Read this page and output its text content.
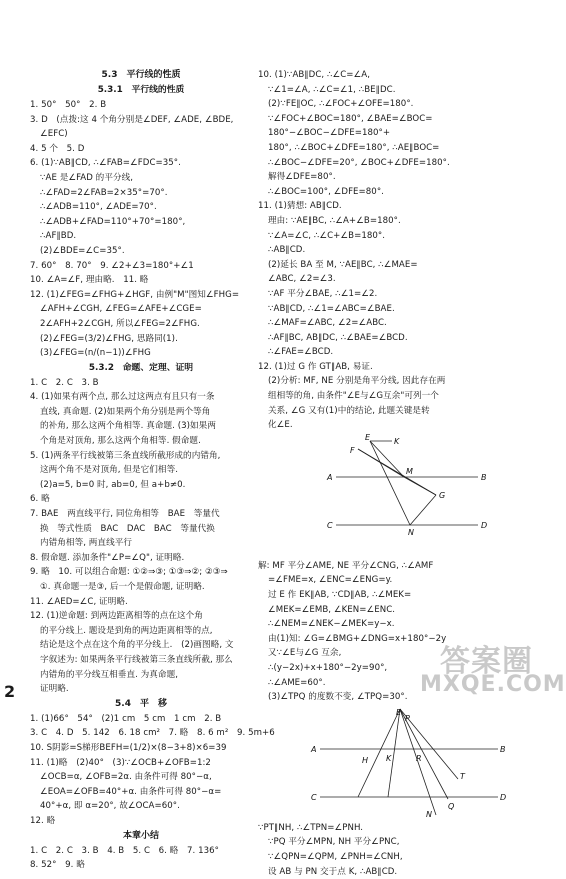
5.3　平行线的性质
5.3.1　平行线的性质
1. 50°　50°　2. B
3. D　(点拨:这 4 个角分别是∠DEF, ∠ADE, ∠BDE,
∠EFC)
4. 5 个　5. D
6. (1)∵AB∥CD, ∴∠FAB=∠FDC=35°.
∵AE 是∠FAD 的平分线,
∴∠FAD=2∠FAB=2×35°=70°.
∴∠ADB=110°, ∠ADE=70°.
∴∠ADB+∠FAD=110°+70°=180°,
∴AF∥BD.
(2)∠BDE=∠C=35°.
7. 60°　8. 70°　9. ∠2+∠3=180°+∠1
10. ∠A=∠F, 理由略.　11. 略
12. (1)∠FEG=∠FHG+∠HGF, 由例"M"图知∠FHG=
∠AFH+∠CGH, ∠FEG=∠AFE+∠CGE=
2∠AFH+2∠CGH, 所以∠FEG=2∠FHG.
(2)∠FEG=(3/2)∠FHG, 思路同(1).
(3)∠FEG=(n/(n−1))∠FHG
5.3.2　命题、定理、证明
1. C　2. C　3. B
4. (1)如果有两个点, 那么过这两点有且只有一条
直线, 真命题. (2)如果两个角分别是两个等角
的补角, 那么这两个角相等. 真命题. (3)如果两
个角是对顶角, 那么这两个角相等. 假命题.
5. (1)两条平行线被第三条直线所截形成的内错角,
这两个角不是对顶角, 但是它们相等.
(2)a=5, b=0 时, ab=0, 但 a+b≠0.
6. 略
7. BAE　两直线平行, 同位角相等　BAE　等量代
换　等式性质　BAC　DAC　BAC　等量代换
内错角相等, 两直线平行
8. 假命题. 添加条件"∠P=∠Q", 证明略.
9. 略　10. 可以组合命题: ①②⇒③; ①③⇒②; ②③⇒
①. 真命题一是③, 后一个是假命题, 证明略.
11. ∠AED=∠C, 证明略.
12. (1)逆命题: 到两边距离相等的点在这个角
的平分线上. 题设是到角的两边距离相等的点,
结论是这个点在这个角的平分线上.　(2)画图略, 文
字叙述为: 如果两条平行线被第三条直线所截, 那么
内错角的平分线互相垂直. 为真命题,
证明略.
5.4　平　移
1. (1)66°　54°　(2)1 cm　5 cm　1 cm　2. B
3. C　4. D　5. 142　6. 18 cm²　7. 略　8. 6 m²　9. 5m+6
10. S阴影=S梯形BEFH=(1/2)×(8−3+8)×6=39
11. (1)略　(2)40°　(3)∵∠OCB+∠OFB=1:2
∠OCB=α, ∠OFB=2α. 由条件可得 80°−α,
∠EOA=∠OFB=40°+α. 由条件可得 80°−α=
40°+α, 即 α=20°, 故∠OCA=60°.
12. 略
本章小结
1. C　2. C　3. B　4. B　5. C　6. 略　7. 136°
8. 52°　9. 略
10. (1)∵AB∥DC, ∴∠C=∠A,
∵∠1=∠A, ∴∠C=∠1, ∴BE∥DC.
(2)∵FE∥OC, ∴∠FOC+∠OFE=180°.
∵∠FOC+∠BOC=180°, ∠BAE=∠BOC=
180°−∠BOC−∠DFE=180°+
180°, ∴∠BOC+∠DFE=180°, ∴AE∥BOC=
∴∠BOC−∠DFE=20°, ∠BOC+∠DFE=180°.
解得∠DFE=80°.
∴∠BOC=100°, ∠DFE=80°.
11. (1)猜想: AB∥CD.
理由: ∵AE∥BC, ∴∠A+∠B=180°.
∵∠A=∠C, ∴∠C+∠B=180°.
∴AB∥CD.
(2)延长 BA 至 M, ∵AE∥BC, ∴∠MAE=
∠ABC, ∠2=∠3.
∵AF 平分∠BAE, ∴∠1=∠2.
∵AB∥CD, ∴∠1=∠ABC=∠BAE.
∴∠MAF=∠ABC, ∠2=∠ABC.
∴AF∥BC, AB∥DC, ∴∠BAE=∠BCD.
∴∠FAE=∠BCD.
12. (1)过 G 作 GT∥AB, 易证.
(2)分析: MF, NE 分别是角平分线, 因此存在两
组相等的角, 由条件"∠E与∠G互余"可列一个
关系, ∠G 又有(1)中的结论, 此题关键是转
化∠E.
E	K
F
A
M
B
G
C
N
D
解: MF 平分∠AME, NE 平分∠CNG, ∴∠AMF
=∠FME=x, ∠ENC=∠ENG=y.
过 E 作 EK∥AB, ∵CD∥AB, ∴∠MEK=
∠MEK=∠EMB, ∠KEN=∠ENC.
∴∠NEM=∠NEK−∠MEK=y−x.
由(1)知: ∠G=∠BMG+∠DNG=x+180°−2y
又∵∠E与∠G 互余,
∴(y−2x)+x+180°−2y=90°,
∴∠AME=60°.
(3)∠TPQ 的度数不变, ∠TPQ=30°.
E
P
A
H K	R
B
T
C
Q
N
D
∵PT∥NH, ∴∠TPN=∠PNH.
∵PQ 平分∠MPN, NH 平分∠PNC,
∵∠QPN=∠QPM, ∠PNH=∠CNH,
设 AB 与 PN 交于点 K, ∴AB∥CD.
2
答案圈
MXQE.COM
